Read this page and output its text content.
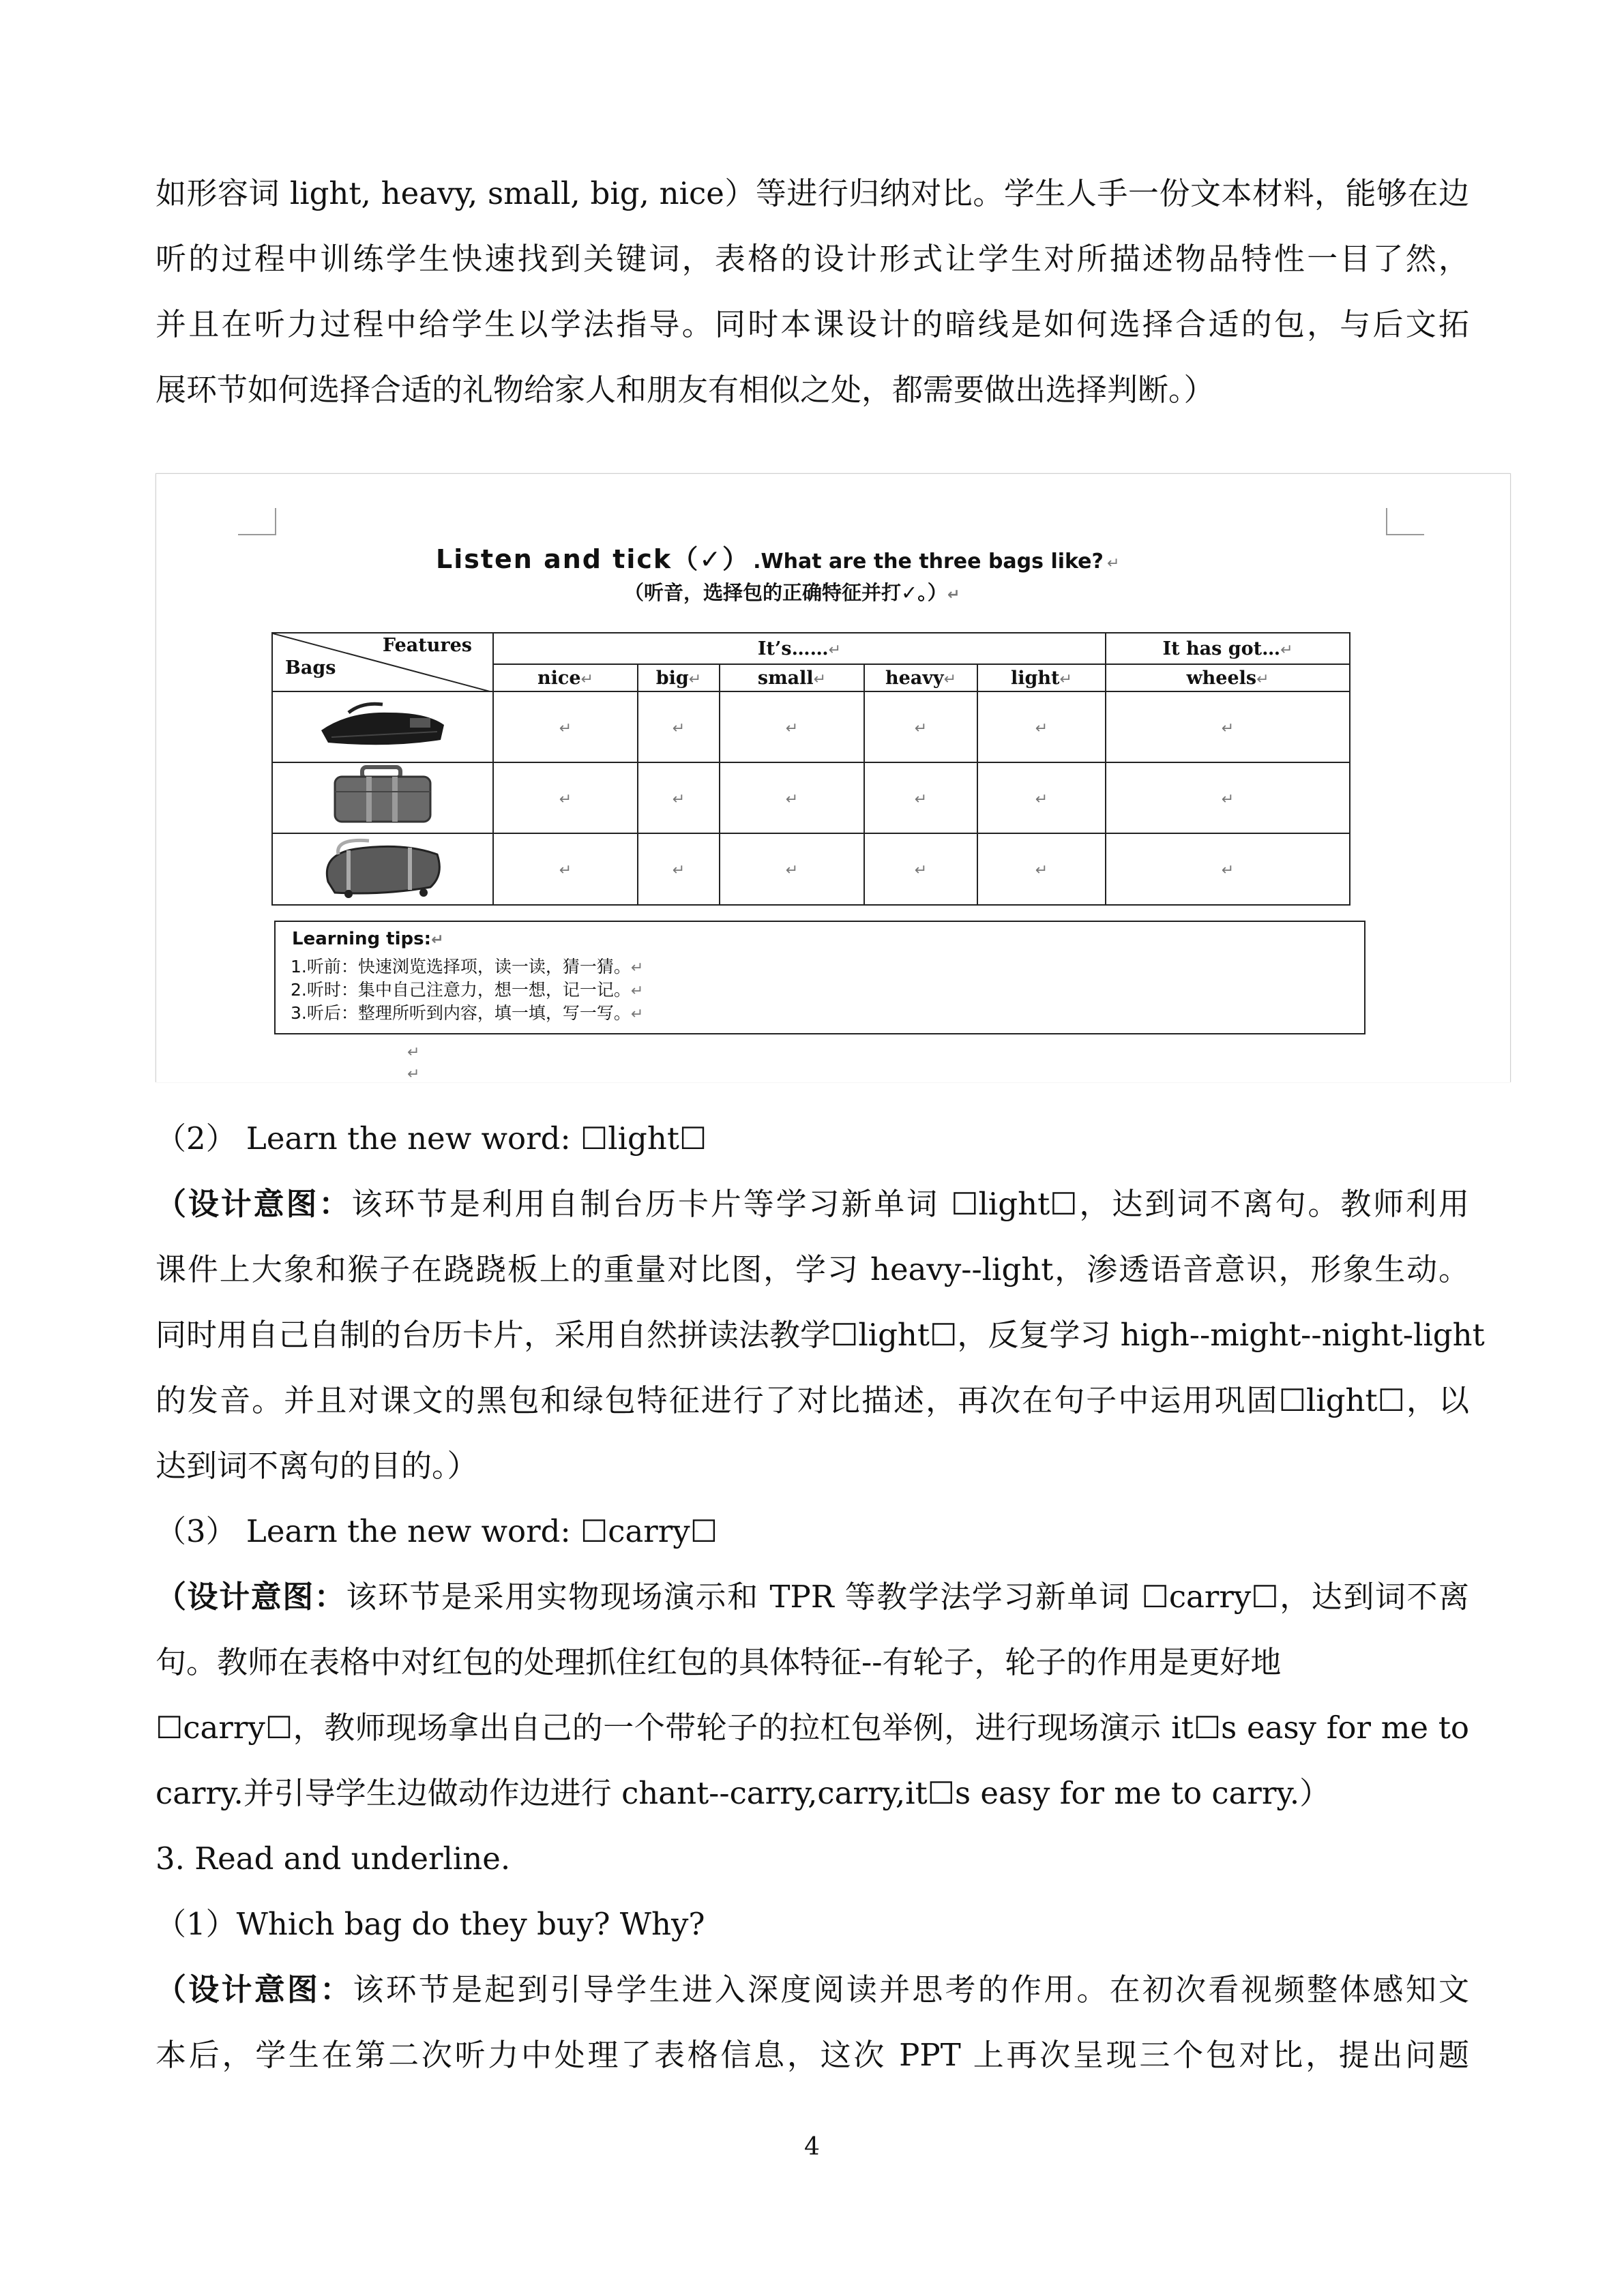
如形容词 light, heavy, small, big, nice）等进行归纳对比。学生人手一份文本材料，能够在边
听的过程中训练学生快速找到关键词，表格的设计形式让学生对所描述物品特性一目了然，
并且在听力过程中给学生以学法指导。同时本课设计的暗线是如何选择合适的包，与后文拓
展环节如何选择合适的礼物给家人和朋友有相似之处，都需要做出选择判断。）
Listen and tick（✓） .What are the three bags like? ↵
（听音，选择包的正确特征并打✓。）↵
Features
Bags	It’s……↵					It has got…↵
	nice↵	big↵	small↵	heavy↵	light↵	wheels↵
	↵	↵	↵	↵	↵	↵
	↵	↵	↵	↵	↵	↵
	↵	↵	↵	↵	↵	↵
Learning tips:↵
1.听前：快速浏览选择项，读一读，猜一猜。↵
2.听时：集中自己注意力，想一想，记一记。↵
3.听后：整理所听到内容，填一填，写一写。↵
↵
↵
（2） Learn the new word: ☐light☐
（设计意图：该环节是利用自制台历卡片等学习新单词 ☐light☐，达到词不离句。教师利用
课件上大象和猴子在跷跷板上的重量对比图，学习 heavy--light，渗透语音意识，形象生动。
同时用自己自制的台历卡片，采用自然拼读法教学☐light☐，反复学习 high--might--night-light
的发音。并且对课文的黑包和绿包特征进行了对比描述，再次在句子中运用巩固☐light☐，以
达到词不离句的目的。）
（3） Learn the new word: ☐carry☐
（设计意图：该环节是采用实物现场演示和 TPR 等教学法学习新单词 ☐carry☐，达到词不离
句。教师在表格中对红包的处理抓住红包的具体特征--有轮子，轮子的作用是更好地
☐carry☐，教师现场拿出自己的一个带轮子的拉杠包举例，进行现场演示 it☐s easy for me to
carry.并引导学生边做动作边进行 chant--carry,carry,it☐s easy for me to carry.）
3. Read and underline.
（1）Which bag do they buy? Why?
（设计意图：该环节是起到引导学生进入深度阅读并思考的作用。在初次看视频整体感知文
本后，学生在第二次听力中处理了表格信息，这次 PPT 上再次呈现三个包对比，提出问题
4
